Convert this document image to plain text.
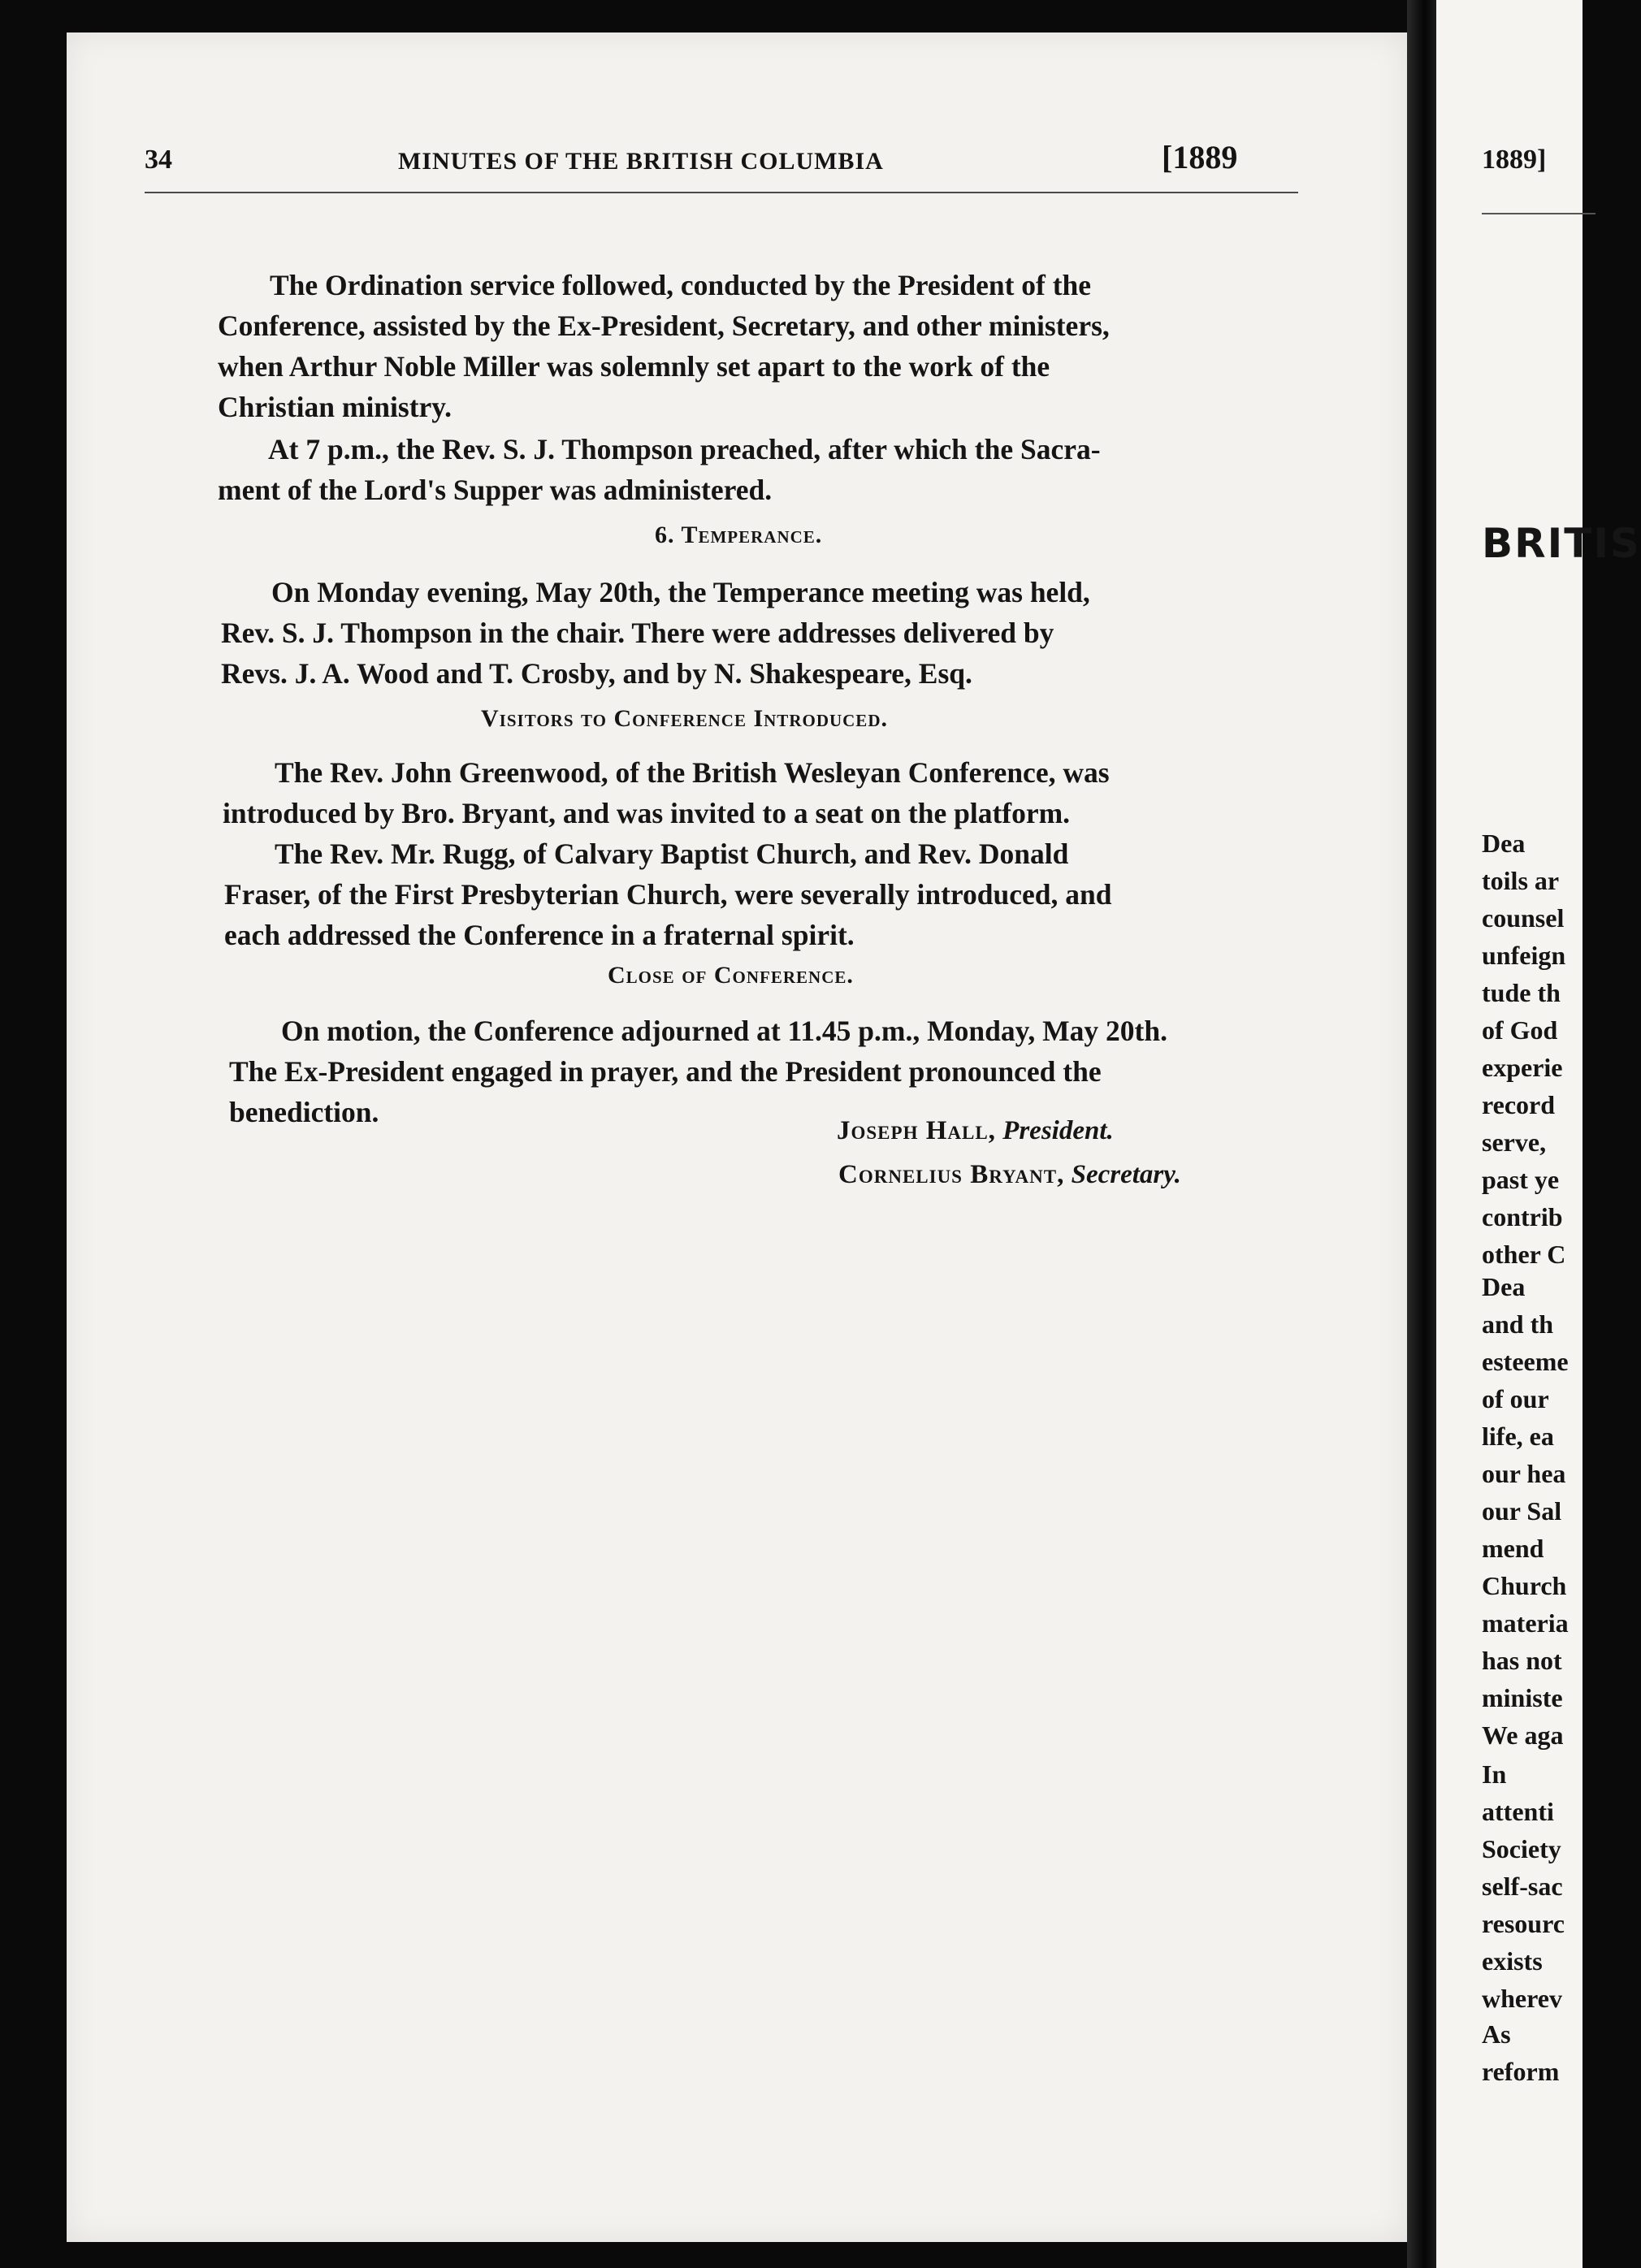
34	MINUTES OF THE BRITISH COLUMBIA	[1889
The Ordination service followed, conducted by the President of the
Conference, assisted by the Ex-President, Secretary, and other ministers,
when Arthur Noble Miller was solemnly set apart to the work of the
Christian ministry.
At 7 p.m., the Rev. S. J. Thompson preached, after which the Sacra-
ment of the Lord's Supper was administered.
6. Temperance.
On Monday evening, May 20th, the Temperance meeting was held,
Rev. S. J. Thompson in the chair. There were addresses delivered by
Revs. J. A. Wood and T. Crosby, and by N. Shakespeare, Esq.
Visitors to Conference Introduced.
The Rev. John Greenwood, of the British Wesleyan Conference, was
introduced by Bro. Bryant, and was invited to a seat on the platform.
The Rev. Mr. Rugg, of Calvary Baptist Church, and Rev. Donald
Fraser, of the First Presbyterian Church, were severally introduced, and
each addressed the Conference in a fraternal spirit.
Close of Conference.
On motion, the Conference adjourned at 11.45 p.m., Monday, May 20th.
The Ex-President engaged in prayer, and the President pronounced the
benediction.
Joseph Hall, President.
Cornelius Bryant, Secretary.
1889]
BRITIS
Dea
toils ar
counsel
unfeign
tude th
of God
experie
record
serve,
past ye
contrib
other C
Dea
and th
esteeme
of our
life, ea
our hea
our Sal
mend
Church
materia
has not
ministe
We aga
In
attenti
Society
self-sac
resourc
exists
wherev
As
reform
